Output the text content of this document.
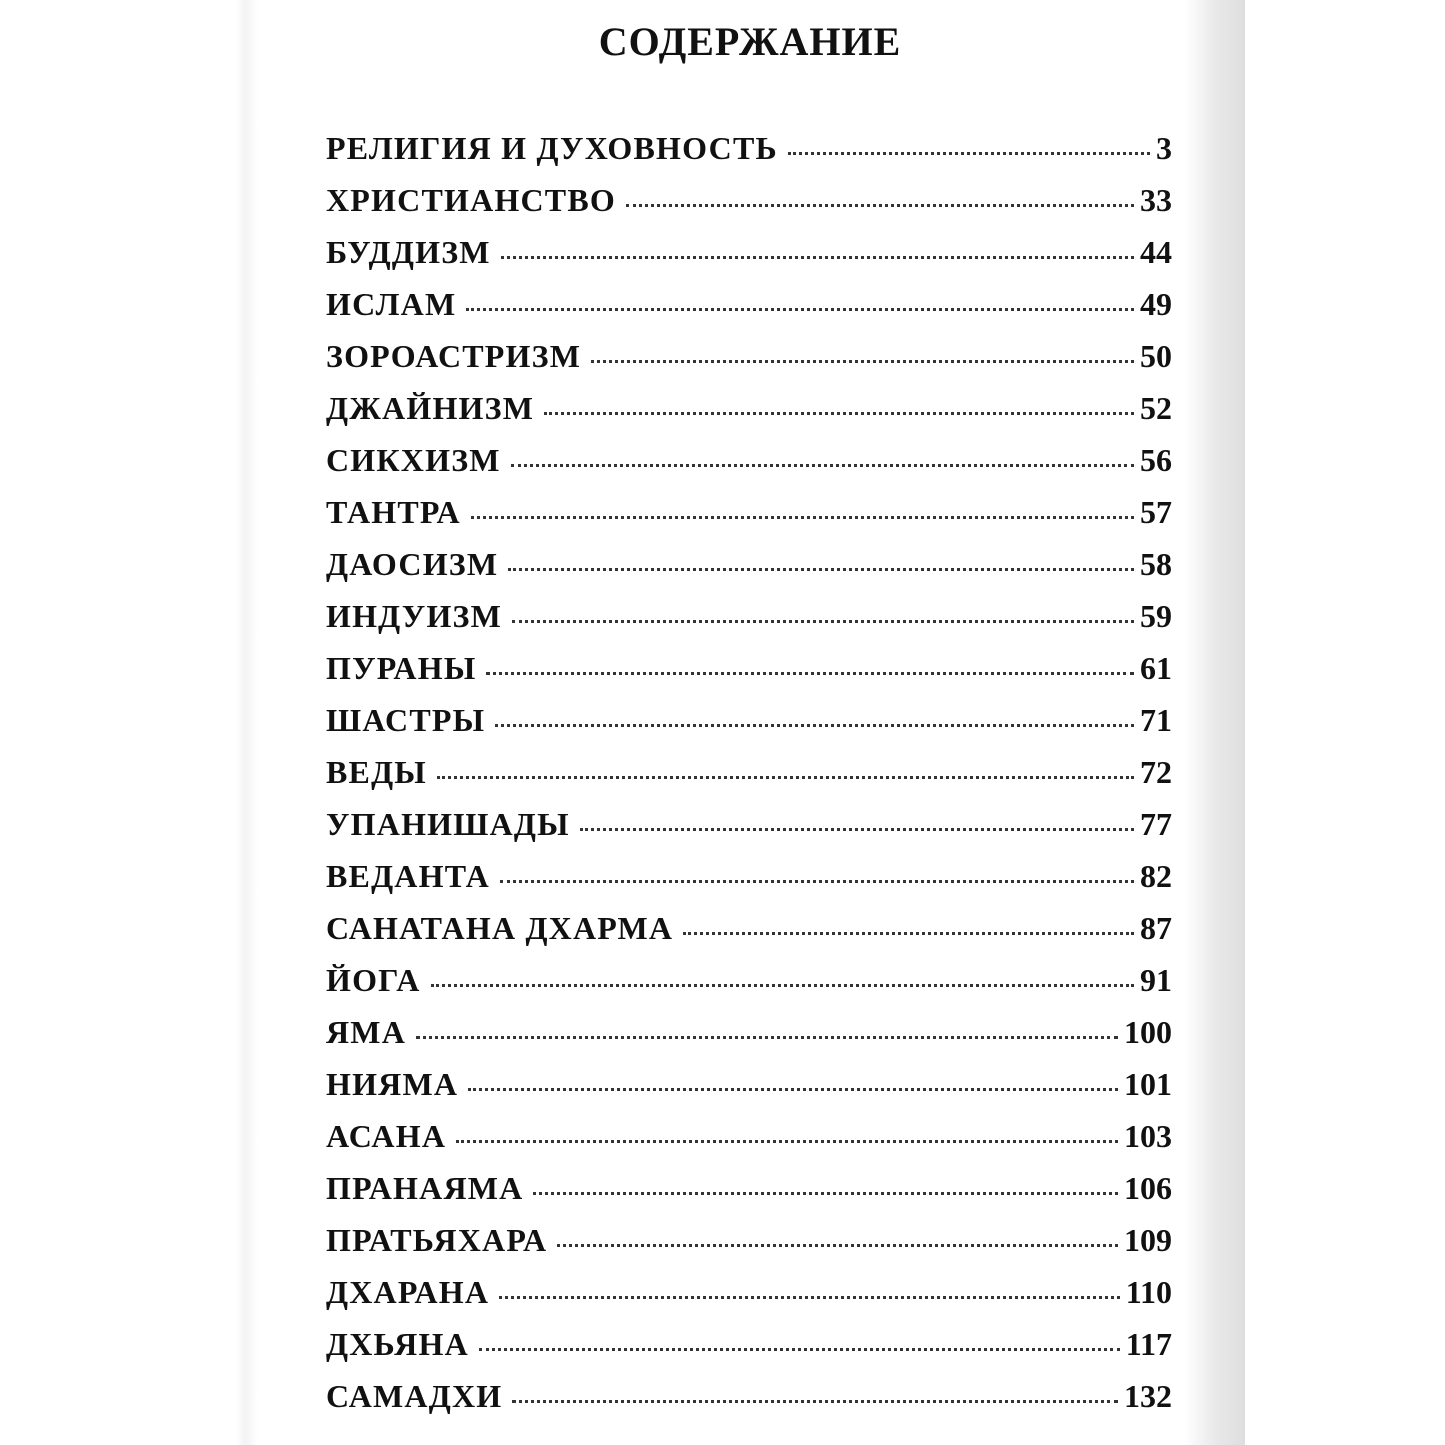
СОДЕРЖАНИЕ
РЕЛИГИЯ И ДУХОВНОСТЬ	3
ХРИСТИАНСТВО	33
БУДДИЗМ	44
ИСЛАМ	49
ЗОРОАСТРИЗМ	50
ДЖАЙНИЗМ	52
СИКХИЗМ	56
ТАНТРА	57
ДАОСИЗМ	58
ИНДУИЗМ	59
ПУРАНЫ	61
ШАСТРЫ	71
ВЕДЫ	72
УПАНИШАДЫ	77
ВЕДАНТА	82
САНАТАНА ДХАРМА	87
ЙОГА	91
ЯМА	100
НИЯМА	101
АСАНА	103
ПРАНАЯМА	106
ПРАТЬЯХАРА	109
ДХАРАНА	110
ДХЬЯНА	117
САМАДХИ	132
